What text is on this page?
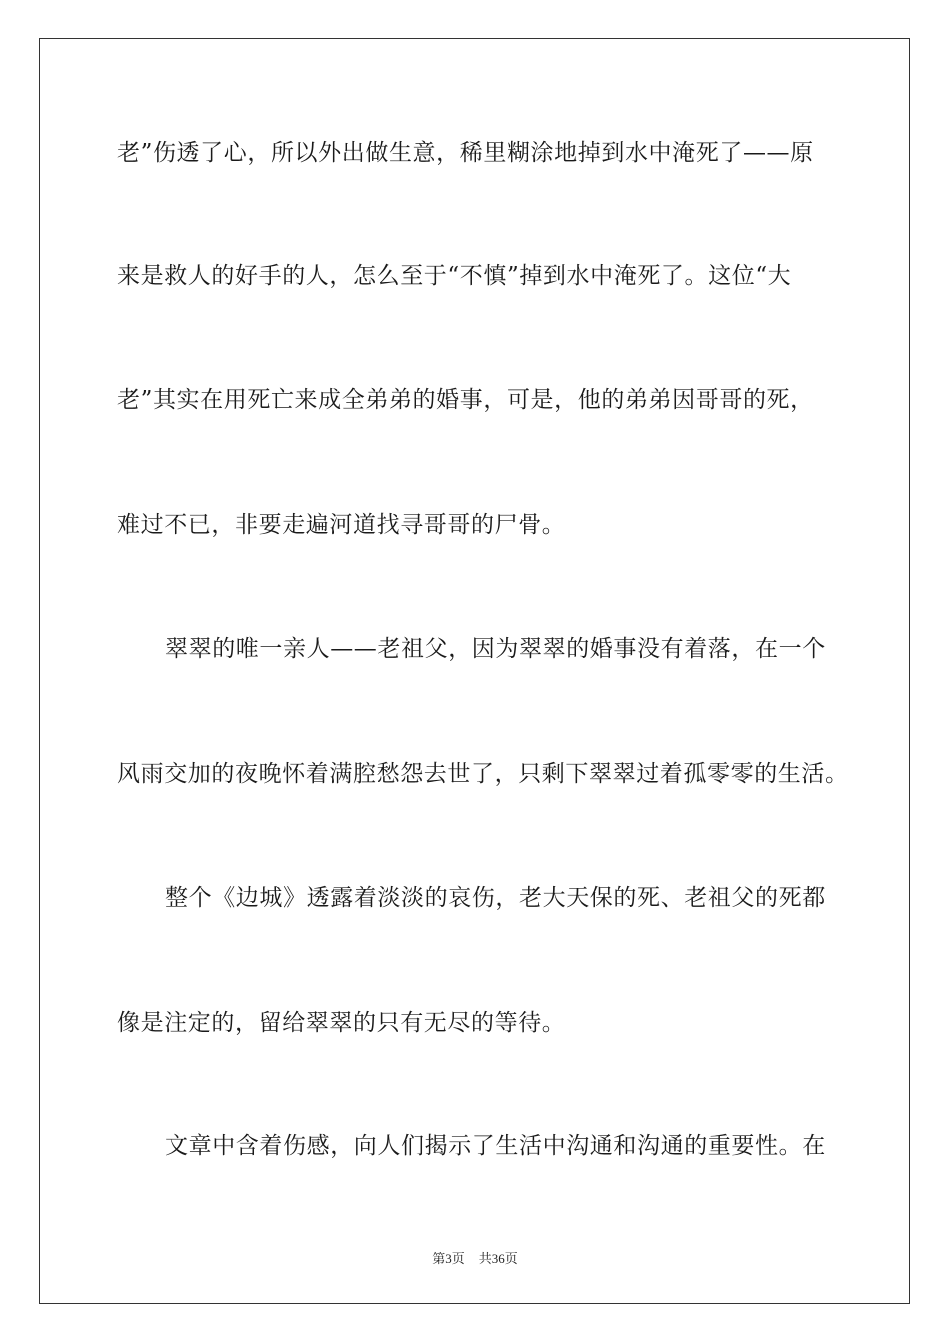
老”伤透了心，所以外出做生意，稀里糊涂地掉到水中淹死了——原
来是救人的好手的人，怎么至于“不慎”掉到水中淹死了。这位“大
老”其实在用死亡来成全弟弟的婚事，可是，他的弟弟因哥哥的死，
难过不已，非要走遍河道找寻哥哥的尸骨。
翠翠的唯一亲人——老祖父，因为翠翠的婚事没有着落，在一个
风雨交加的夜晚怀着满腔愁怨去世了，只剩下翠翠过着孤零零的生活。
整个《边城》透露着淡淡的哀伤，老大天保的死、老祖父的死都
像是注定的，留给翠翠的只有无尽的等待。
文章中含着伤感，向人们揭示了生活中沟通和沟通的重要性。在
第3页 共36页
